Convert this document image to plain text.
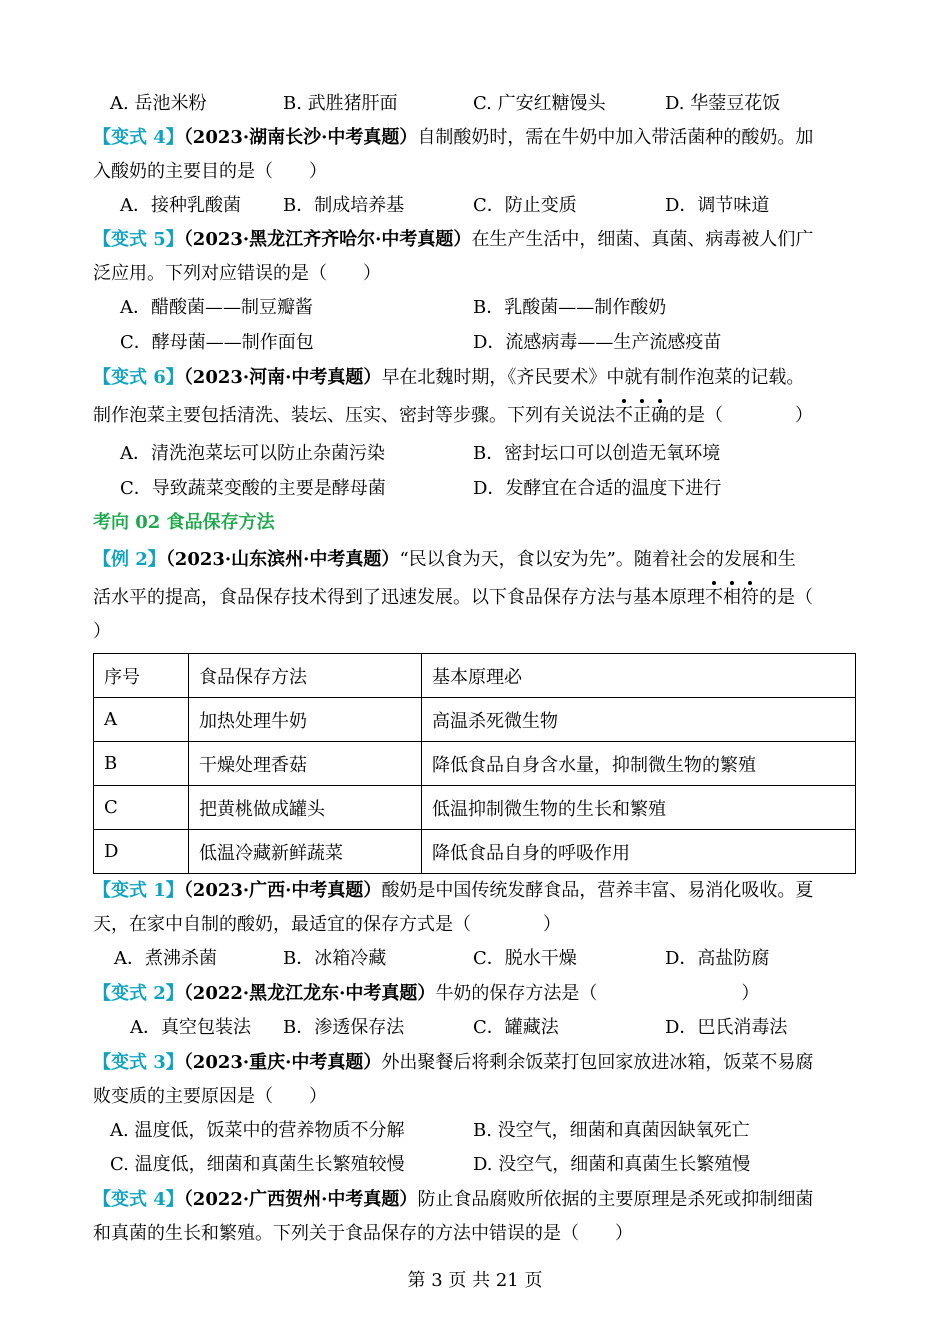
A. 岳池米粉	B. 武胜猪肝面	C. 广安红糖馒头	D. 华蓥豆花饭
【变式 4】（2023·湖南长沙·中考真题）自制酸奶时，需在牛奶中加入带活菌种的酸奶。加
入酸奶的主要目的是（　　）
A．接种乳酸菌 B．制成培养基	C．防止变质	D．调节味道
【变式 5】（2023·黑龙江齐齐哈尔·中考真题）在生产生活中，细菌、真菌、病毒被人们广
泛应用。下列对应错误的是（　　）
A．醋酸菌——制豆瓣酱	B．乳酸菌——制作酸奶
C．酵母菌——制作面包	D．流感病毒——生产流感疫苗
【变式 6】（2023·河南·中考真题）早在北魏时期，《齐民要术》中就有制作泡菜的记载。
制作泡菜主要包括清洗、装坛、压实、密封等步骤。下列有关说法不正确的是（　　　　）
A．清洗泡菜坛可以防止杂菌污染	B．密封坛口可以创造无氧环境
C．导致蔬菜变酸的主要是酵母菌	D．发酵宜在合适的温度下进行
考向 02 食品保存方法
【例 2】（2023·山东滨州·中考真题）“民以食为天，食以安为先”。随着社会的发展和生
活水平的提高，食品保存技术得到了迅速发展。以下食品保存方法与基本原理不相符的是（
）
序号	食品保存方法	基本原理必
A	加热处理牛奶	高温杀死微生物
B	干燥处理香菇	降低食品自身含水量，抑制微生物的繁殖
C	把黄桃做成罐头	低温抑制微生物的生长和繁殖
D	低温冷藏新鲜蔬菜	降低食品自身的呼吸作用
【变式 1】（2023·广西·中考真题）酸奶是中国传统发酵食品，营养丰富、易消化吸收。夏
天，在家中自制的酸奶，最适宜的保存方式是（　　　　）
A．煮沸杀菌	B．冰箱冷藏	C．脱水干燥	D．高盐防腐
【变式 2】（2022·黑龙江龙东·中考真题）牛奶的保存方法是（　　　　　　　　）
A．真空包装法 B．渗透保存法	C．罐藏法	D．巴氏消毒法
【变式 3】（2023·重庆·中考真题）外出聚餐后将剩余饭菜打包回家放进冰箱，饭菜不易腐
败变质的主要原因是（　　）
A. 温度低，饭菜中的营养物质不分解	B. 没空气，细菌和真菌因缺氧死亡
C. 温度低，细菌和真菌生长繁殖较慢	D. 没空气，细菌和真菌生长繁殖慢
【变式 4】（2022·广西贺州·中考真题）防止食品腐败所依据的主要原理是杀死或抑制细菌
和真菌的生长和繁殖。下列关于食品保存的方法中错误的是（　　）
第 3 页 共 21 页
